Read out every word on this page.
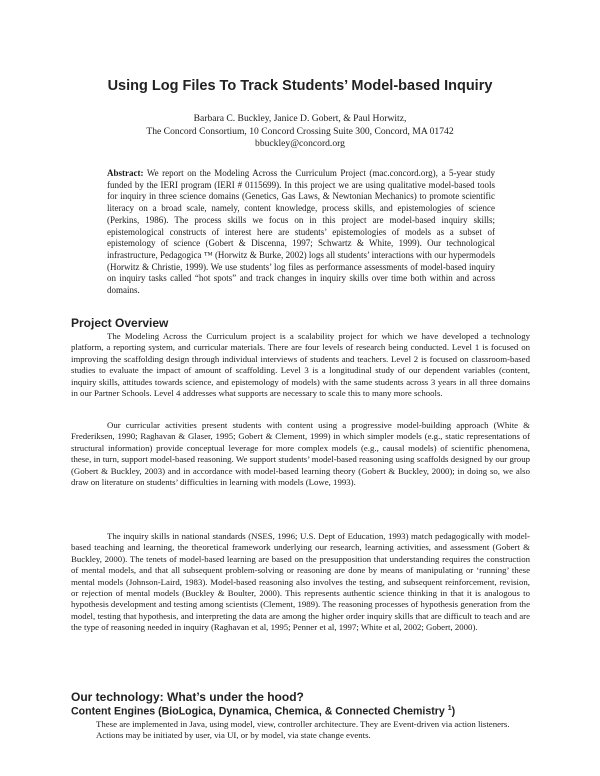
Using Log Files To Track Students’ Model-based Inquiry
Barbara C. Buckley, Janice D. Gobert, & Paul Horwitz,
The Concord Consortium, 10 Concord Crossing Suite 300, Concord, MA 01742
bbuckley@concord.org
Abstract: We report on the Modeling Across the Curriculum Project (mac.concord.org), a 5-year study funded by the IERI program (IERI # 0115699). In this project we are using qualitative model-based tools for inquiry in three science domains (Genetics, Gas Laws, & Newtonian Mechanics) to promote scientific literacy on a broad scale, namely, content knowledge, process skills, and epistemologies of science (Perkins, 1986). The process skills we focus on in this project are model-based inquiry skills; epistemological constructs of interest here are students’ epistemologies of models as a subset of epistemology of science (Gobert & Discenna, 1997; Schwartz & White, 1999). Our technological infrastructure, Pedagogica ™ (Horwitz & Burke, 2002) logs all students’ interactions with our hypermodels (Horwitz & Christie, 1999). We use students’ log files as performance assessments of model-based inquiry on inquiry tasks called “hot spots” and track changes in inquiry skills over time both within and across domains.
Project Overview

The Modeling Across the Curriculum project is a scalability project for which we have developed a technology platform, a reporting system, and curricular materials. There are four levels of research being conducted. Level 1 is focused on improving the scaffolding design through individual interviews of students and teachers. Level 2 is focused on classroom-based studies to evaluate the impact of amount of scaffolding. Level 3 is a longitudinal study of our dependent variables (content, inquiry skills, attitudes towards science, and epistemology of models) with the same students across 3 years in all three domains in our Partner Schools. Level 4 addresses what supports are necessary to scale this to many more schools.

Our curricular activities present students with content using a progressive model-building approach (White & Frederiksen, 1990; Raghavan & Glaser, 1995; Gobert & Clement, 1999) in which simpler models (e.g., static representations of structural information) provide conceptual leverage for more complex models (e.g., causal models) of scientific phenomena, these, in turn, support model-based reasoning. We support students’ model-based reasoning using scaffolds designed by our group (Gobert & Buckley, 2003) and in accordance with model-based learning theory (Gobert & Buckley, 2000); in doing so, we also draw on literature on students’ difficulties in learning with models (Lowe, 1993).

The inquiry skills in national standards (NSES, 1996; U.S. Dept of Education, 1993) match pedagogically with model-based teaching and learning, the theoretical framework underlying our research, learning activities, and assessment (Gobert & Buckley, 2000). The tenets of model-based learning are based on the presupposition that understanding requires the construction of mental models, and that all subsequent problem-solving or reasoning are done by means of manipulating or ‘running’ these mental models (Johnson-Laird, 1983). Model-based reasoning also involves the testing, and subsequent reinforcement, revision, or rejection of mental models (Buckley & Boulter, 2000). This represents authentic science thinking in that it is analogous to hypothesis development and testing among scientists (Clement, 1989). The reasoning processes of hypothesis generation from the model, testing that hypothesis, and interpreting the data are among the higher order inquiry skills that are difficult to teach and are the type of reasoning needed in inquiry (Raghavan et al, 1995; Penner et al, 1997; White et al, 2002; Gobert, 2000).

Our technology: What’s under the hood?
Content Engines (BioLogica, Dynamica, Chemica, & Connected Chemistry $^1$)
These are implemented in Java, using model, view, controller architecture. They are Event-driven via action listeners. Actions may be initiated by user, via UI, or by model, via state change events.
